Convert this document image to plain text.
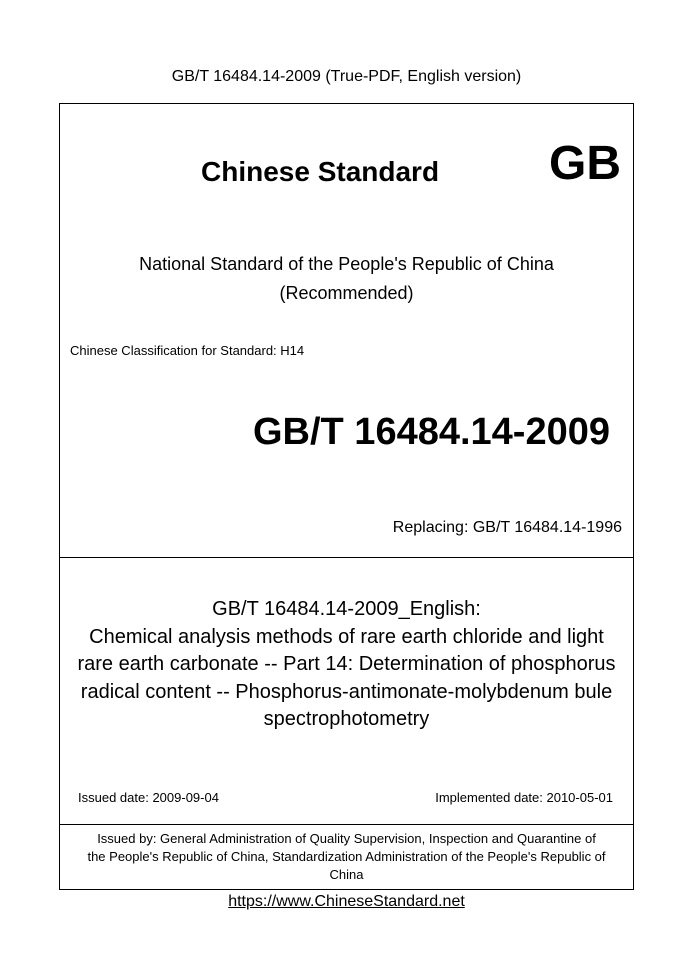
GB/T 16484.14-2009 (True-PDF, English version)
Chinese Standard GB
National Standard of the People's Republic of China
(Recommended)
Chinese Classification for Standard: H14
GB/T 16484.14-2009
Replacing: GB/T 16484.14-1996
GB/T 16484.14-2009_English:
Chemical analysis methods of rare earth chloride and light
rare earth carbonate -- Part 14: Determination of phosphorus
radical content -- Phosphorus-antimonate-molybdenum bule
spectrophotometry
Issued date: 2009-09-04	Implemented date: 2010-05-01
Issued by: General Administration of Quality Supervision, Inspection and Quarantine of
the People's Republic of China, Standardization Administration of the People's Republic of
China
https://www.ChineseStandard.net
